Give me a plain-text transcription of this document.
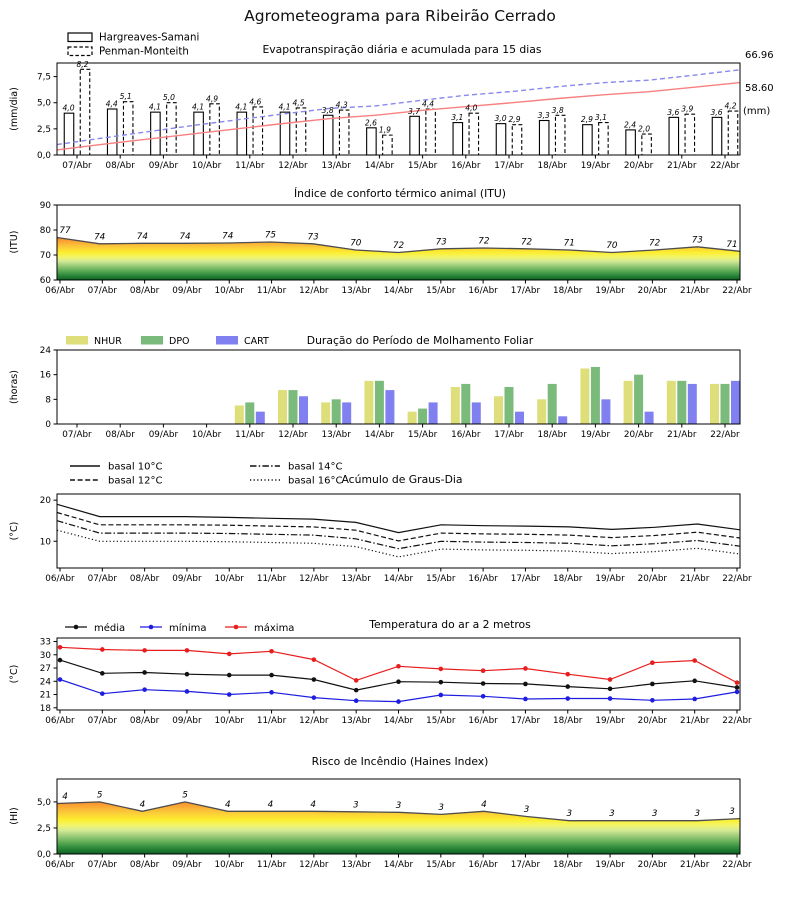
Agrometeograma para Ribeirão Cerrado
4,0	4,4	4,1	4,1	4,1	4,1	3,8
2,6
3,7
3,1	3,0	3,3	2,9
2,4
3,6	3,6
8,2
5,1	5,0	4,9	4,6	4,5	4,3
1,9
4,4	4,0
2,9
3,8
3,1
2,0
3,9	4,2
66.96
58.60
(mm)
Hargreaves-Samani
Penman-Monteith
0,0
2,5
5,0
7,5
07/Abr 08/Abr 09/Abr 10/Abr 11/Abr 12/Abr 13/Abr 14/Abr 15/Abr 16/Abr 17/Abr 18/Abr 19/Abr 20/Abr 21/Abr 22/Abr
Evapotranspiração diária e acumulada para 15 dias
(mm/dia)
77
74	74	74	74	75	73
70	72	73	72	72	71	70	72	73	71
60
70
80
90
06/Abr 07/Abr 08/Abr 09/Abr 10/Abr 11/Abr 12/Abr 13/Abr 14/Abr 15/Abr 16/Abr 17/Abr 18/Abr 19/Abr 20/Abr 21/Abr 22/Abr
Índice de conforto térmico animal (ITU)
(ITU)
NHUR	DPO	CART
0
8
16
24
07/Abr 08/Abr 09/Abr 10/Abr 11/Abr 12/Abr 13/Abr 14/Abr 15/Abr 16/Abr 17/Abr 18/Abr 19/Abr 20/Abr 21/Abr 22/Abr
Duração do Período de Molhamento Foliar
(horas)
basal 10°C
basal 12°C
basal 14°C
basal 16°C
10
20
06/Abr 07/Abr 08/Abr 09/Abr 10/Abr 11/Abr 12/Abr 13/Abr 14/Abr 15/Abr 16/Abr 17/Abr 18/Abr 19/Abr 20/Abr 21/Abr 22/Abr
Acúmulo de Graus-Dia
(°C)
média	mínima	máxima
18
21
24
27
30
33
06/Abr 07/Abr 08/Abr 09/Abr 10/Abr 11/Abr 12/Abr 13/Abr 14/Abr 15/Abr 16/Abr 17/Abr 18/Abr 19/Abr 20/Abr 21/Abr 22/Abr
Temperatura do ar a 2 metros
(°C)
4	5
4
5
4	4	4	3	3	3	4
3	3	3	3	3	3
0,0
2,5
5,0
06/Abr 07/Abr 08/Abr 09/Abr 10/Abr 11/Abr 12/Abr 13/Abr 14/Abr 15/Abr 16/Abr 17/Abr 18/Abr 19/Abr 20/Abr 21/Abr 22/Abr
Risco de Incêndio (Haines Index)
(HI)
